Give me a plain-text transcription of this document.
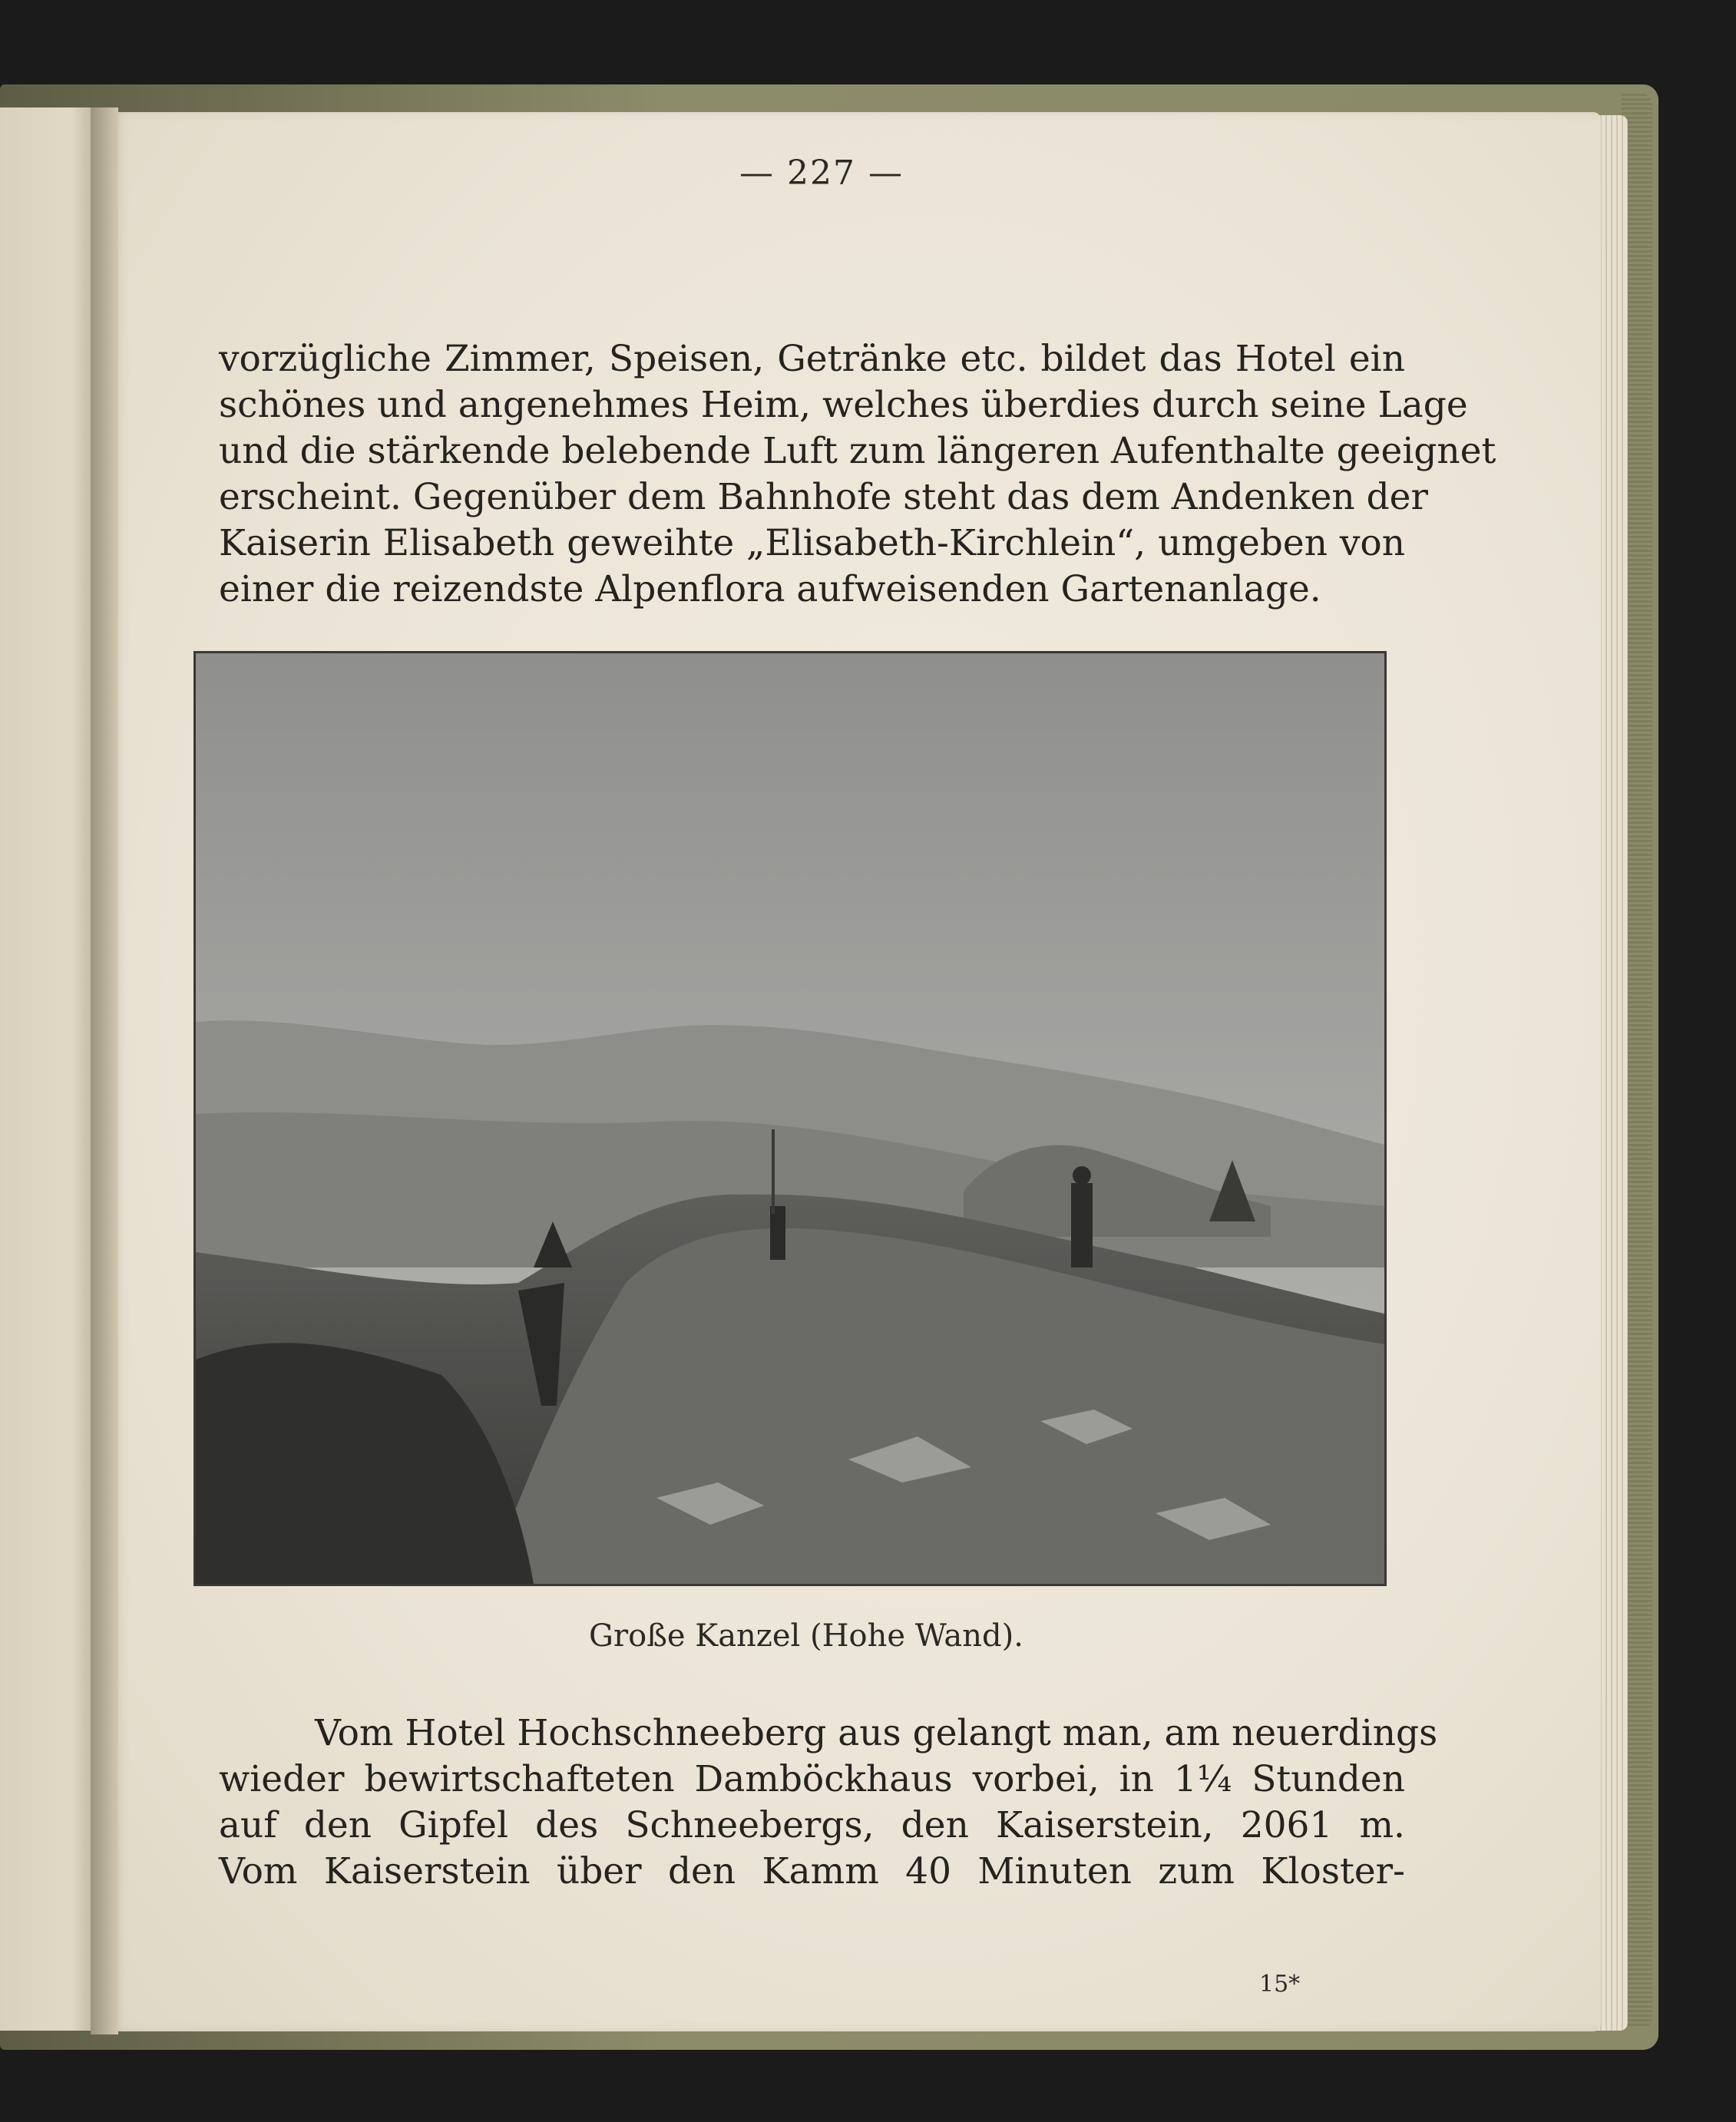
— 227 —
vorzügliche Zimmer, Speisen, Getränke etc. bildet das Hotel ein
schönes und angenehmes Heim, welches überdies durch seine Lage
und die stärkende belebende Luft zum längeren Aufenthalte geeignet
erscheint. Gegenüber dem Bahnhofe steht das dem Andenken der
Kaiserin Elisabeth geweihte „Elisabeth-Kirchlein“, umgeben von
einer die reizendste Alpenflora aufweisenden Gartenanlage.
Große Kanzel (Hohe Wand).
Vom Hotel Hochschneeberg aus gelangt man, am neuerdings
wieder bewirtschafteten Damböckhaus vorbei, in 1¼ Stunden
auf den Gipfel des Schneebergs, den Kaiserstein, 2061 m.
Vom Kaiserstein über den Kamm 40 Minuten zum Kloster-
15*
